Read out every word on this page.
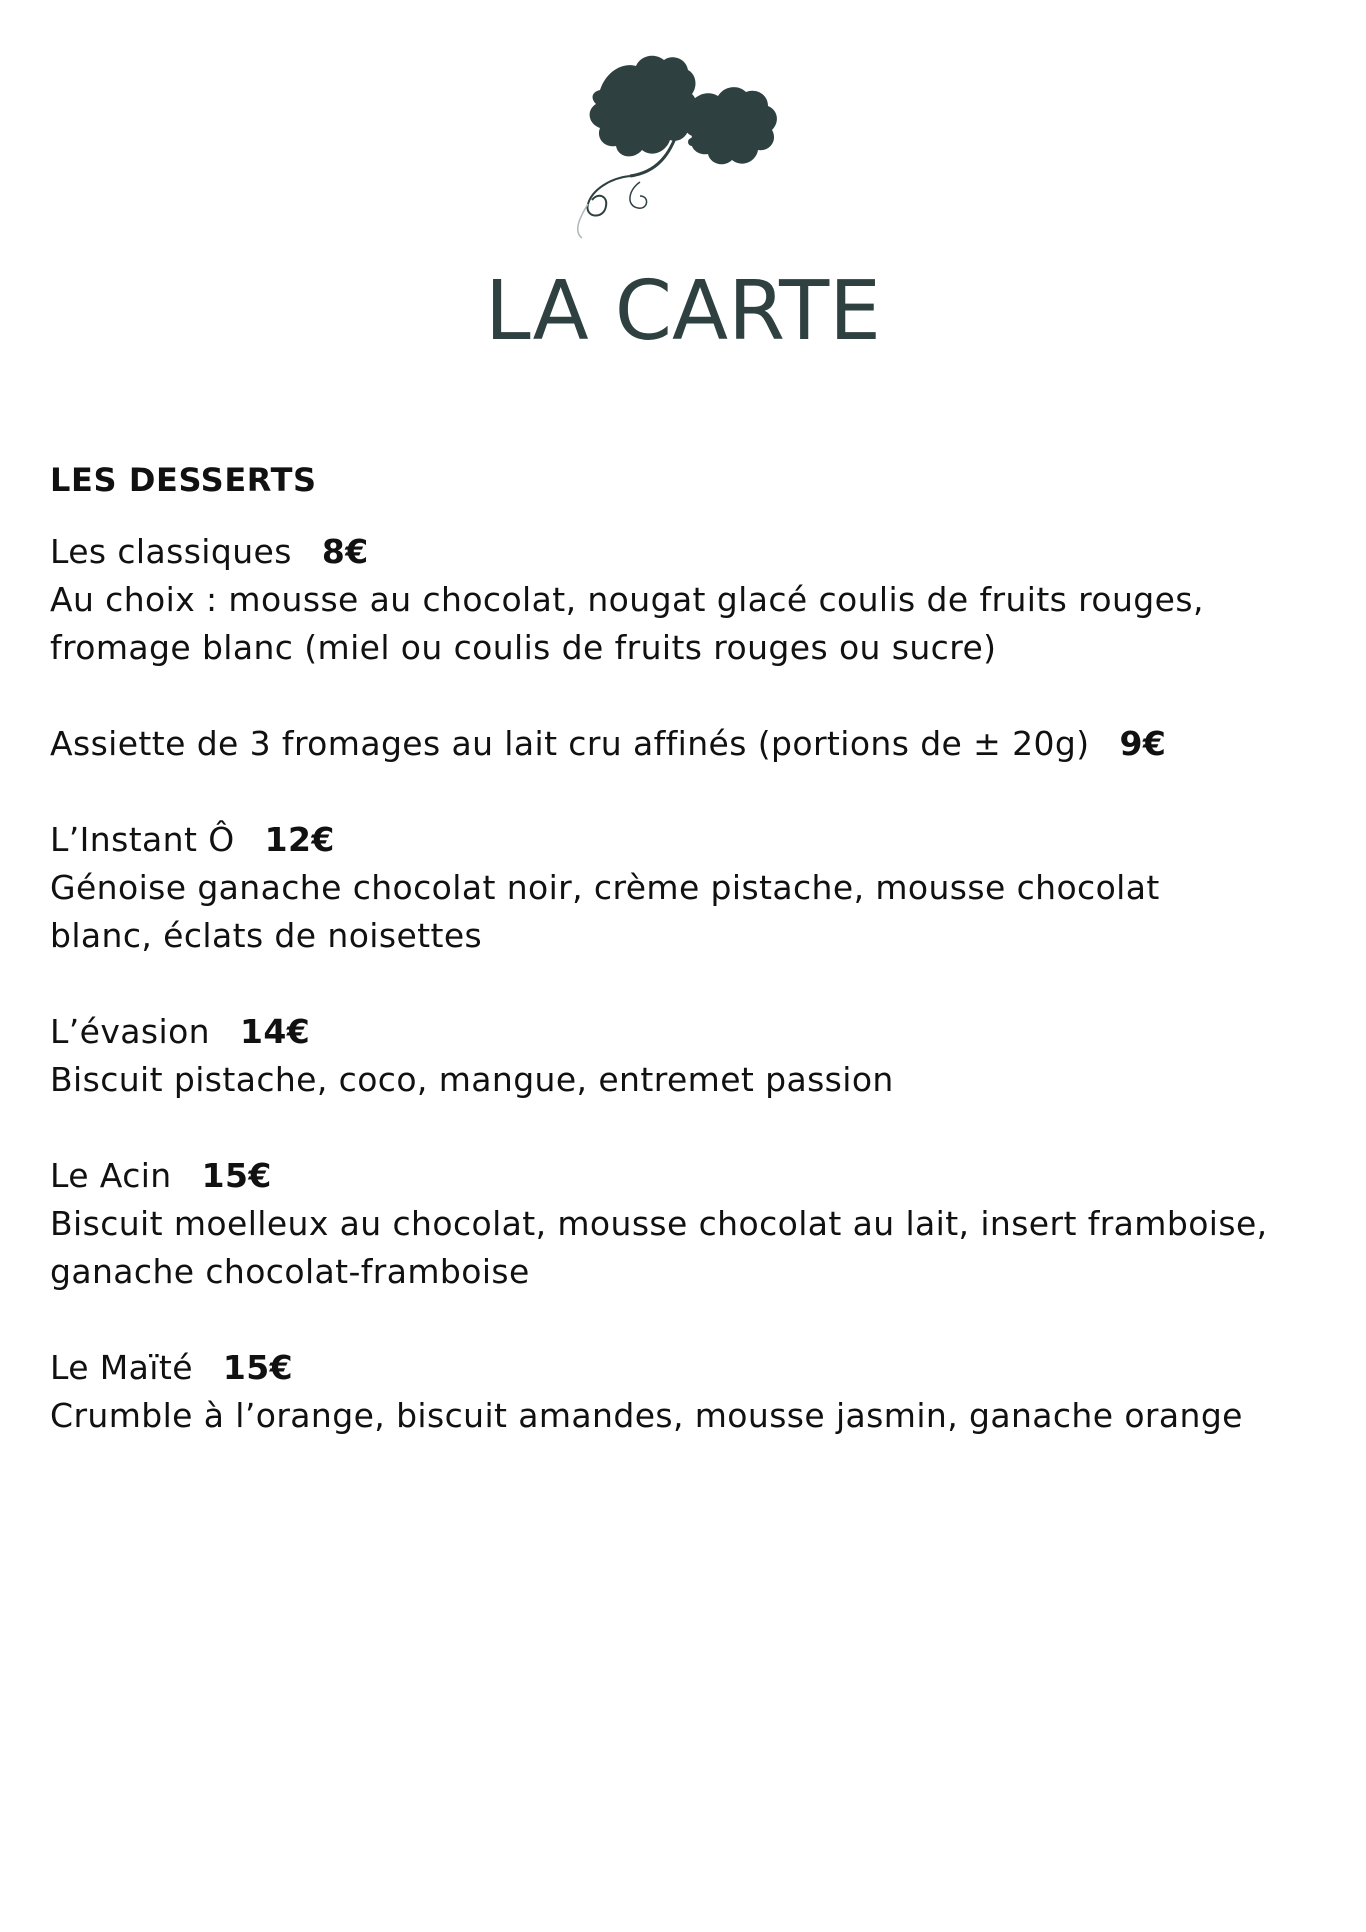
LA CARTE
LES DESSERTS
Les classiques 8€
Au choix : mousse au chocolat, nougat glacé coulis de fruits rouges,
fromage blanc (miel ou coulis de fruits rouges ou sucre)
Assiette de 3 fromages au lait cru affinés (portions de ± 20g) 9€
L’Instant Ô 12€
Génoise ganache chocolat noir, crème pistache, mousse chocolat
blanc, éclats de noisettes
L’évasion 14€
Biscuit pistache, coco, mangue, entremet passion
Le Acin 15€
Biscuit moelleux au chocolat, mousse chocolat au lait, insert framboise,
ganache chocolat-framboise
Le Maïté 15€
Crumble à l’orange, biscuit amandes, mousse jasmin, ganache orange
